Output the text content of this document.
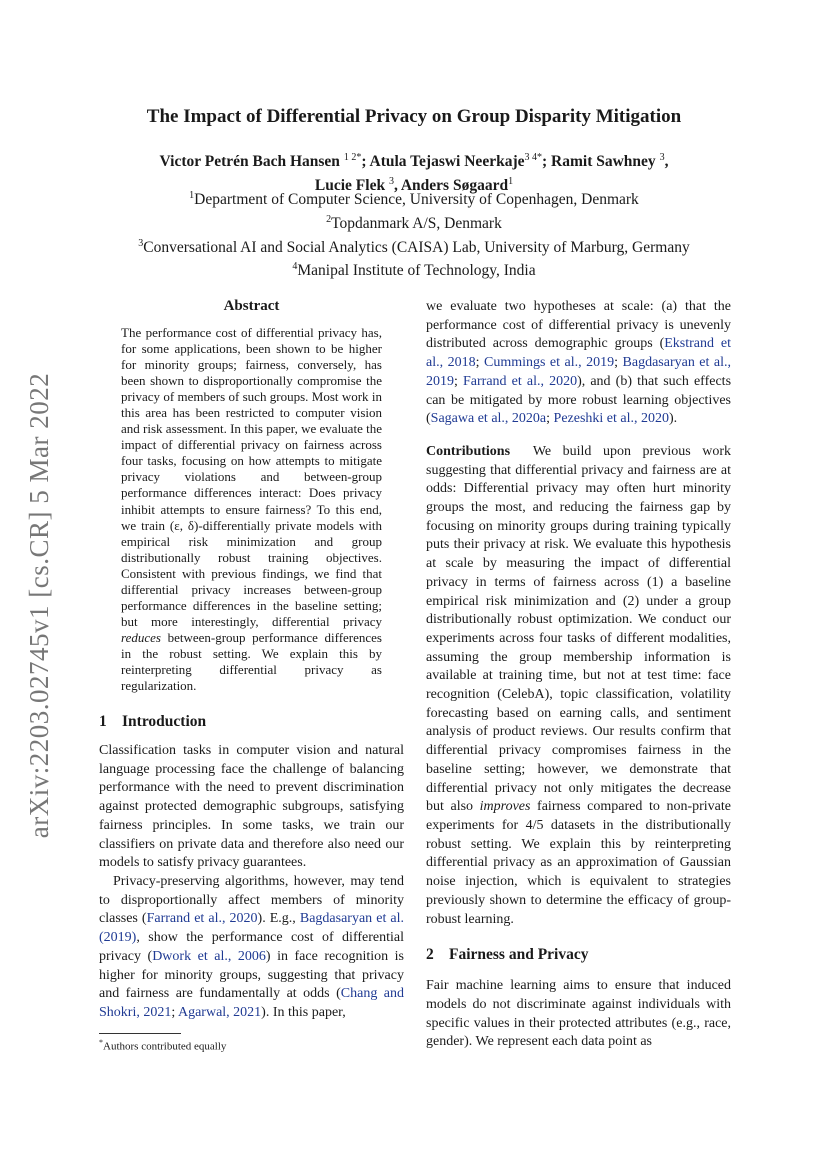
arXiv:2203.02745v1 [cs.CR] 5 Mar 2022
The Impact of Differential Privacy on Group Disparity Mitigation
Victor Petrén Bach Hansen $^{1 2*}$; Atula Tejaswi Neerkaje$^{3 4*}$; Ramit Sawhney $^3$,
Lucie Flek $^3$, Anders Søgaard$^1$
$^1$Department of Computer Science, University of Copenhagen, Denmark
$^2$Topdanmark A/S, Denmark
$^3$Conversational AI and Social Analytics (CAISA) Lab, University of Marburg, Germany
$^4$Manipal Institute of Technology, India
Abstract

The performance cost of differential privacy has, for some applications, been shown to be higher for minority groups; fairness, conversely, has been shown to disproportionally compromise the privacy of members of such groups. Most work in this area has been restricted to computer vision and risk assessment. In this paper, we evaluate the impact of differential privacy on fairness across four tasks, focusing on how attempts to mitigate privacy violations and between-group performance differences interact: Does privacy inhibit attempts to ensure fairness? To this end, we train (ε, δ)-differentially private models with empirical risk minimization and group distributionally robust training objectives. Consistent with previous findings, we find that differential privacy increases between-group performance differences in the baseline setting; but more interestingly, differential privacy reduces between-group performance differences in the robust setting. We explain this by reinterpreting differential privacy as regularization.

1 Introduction

Classification tasks in computer vision and natural language processing face the challenge of balancing performance with the need to prevent discrimination against protected demographic subgroups, satisfying fairness principles. In some tasks, we train our classifiers on private data and therefore also need our models to satisfy privacy guarantees.

Privacy-preserving algorithms, however, may tend to disproportionally affect members of minority classes (Farrand et al., 2020). E.g., Bagdasaryan et al. (2019), show the performance cost of differential privacy (Dwork et al., 2006) in face recognition is higher for minority groups, suggesting that privacy and fairness are fundamentally at odds (Chang and Shokri, 2021; Agarwal, 2021). In this paper,

*Authors contributed equally

we evaluate two hypotheses at scale: (a) that the performance cost of differential privacy is unevenly distributed across demographic groups (Ekstrand et al., 2018; Cummings et al., 2019; Bagdasaryan et al., 2019; Farrand et al., 2020), and (b) that such effects can be mitigated by more robust learning objectives (Sagawa et al., 2020a; Pezeshki et al., 2020).

Contributions  We build upon previous work suggesting that differential privacy and fairness are at odds: Differential privacy may often hurt minority groups the most, and reducing the fairness gap by focusing on minority groups during training typically puts their privacy at risk. We evaluate this hypothesis at scale by measuring the impact of differential privacy in terms of fairness across (1) a baseline empirical risk minimization and (2) under a group distributionally robust optimization. We conduct our experiments across four tasks of different modalities, assuming the group membership information is available at training time, but not at test time: face recognition (CelebA), topic classification, volatility forecasting based on earning calls, and sentiment analysis of product reviews. Our results confirm that differential privacy compromises fairness in the baseline setting; however, we demonstrate that differential privacy not only mitigates the decrease but also improves fairness compared to non-private experiments for 4/5 datasets in the distributionally robust setting. We explain this by reinterpreting differential privacy as an approximation of Gaussian noise injection, which is equivalent to strategies previously shown to determine the efficacy of group-robust learning.

2 Fairness and Privacy

Fair machine learning aims to ensure that induced models do not discriminate against individuals with specific values in their protected attributes (e.g., race, gender). We represent each data point as
